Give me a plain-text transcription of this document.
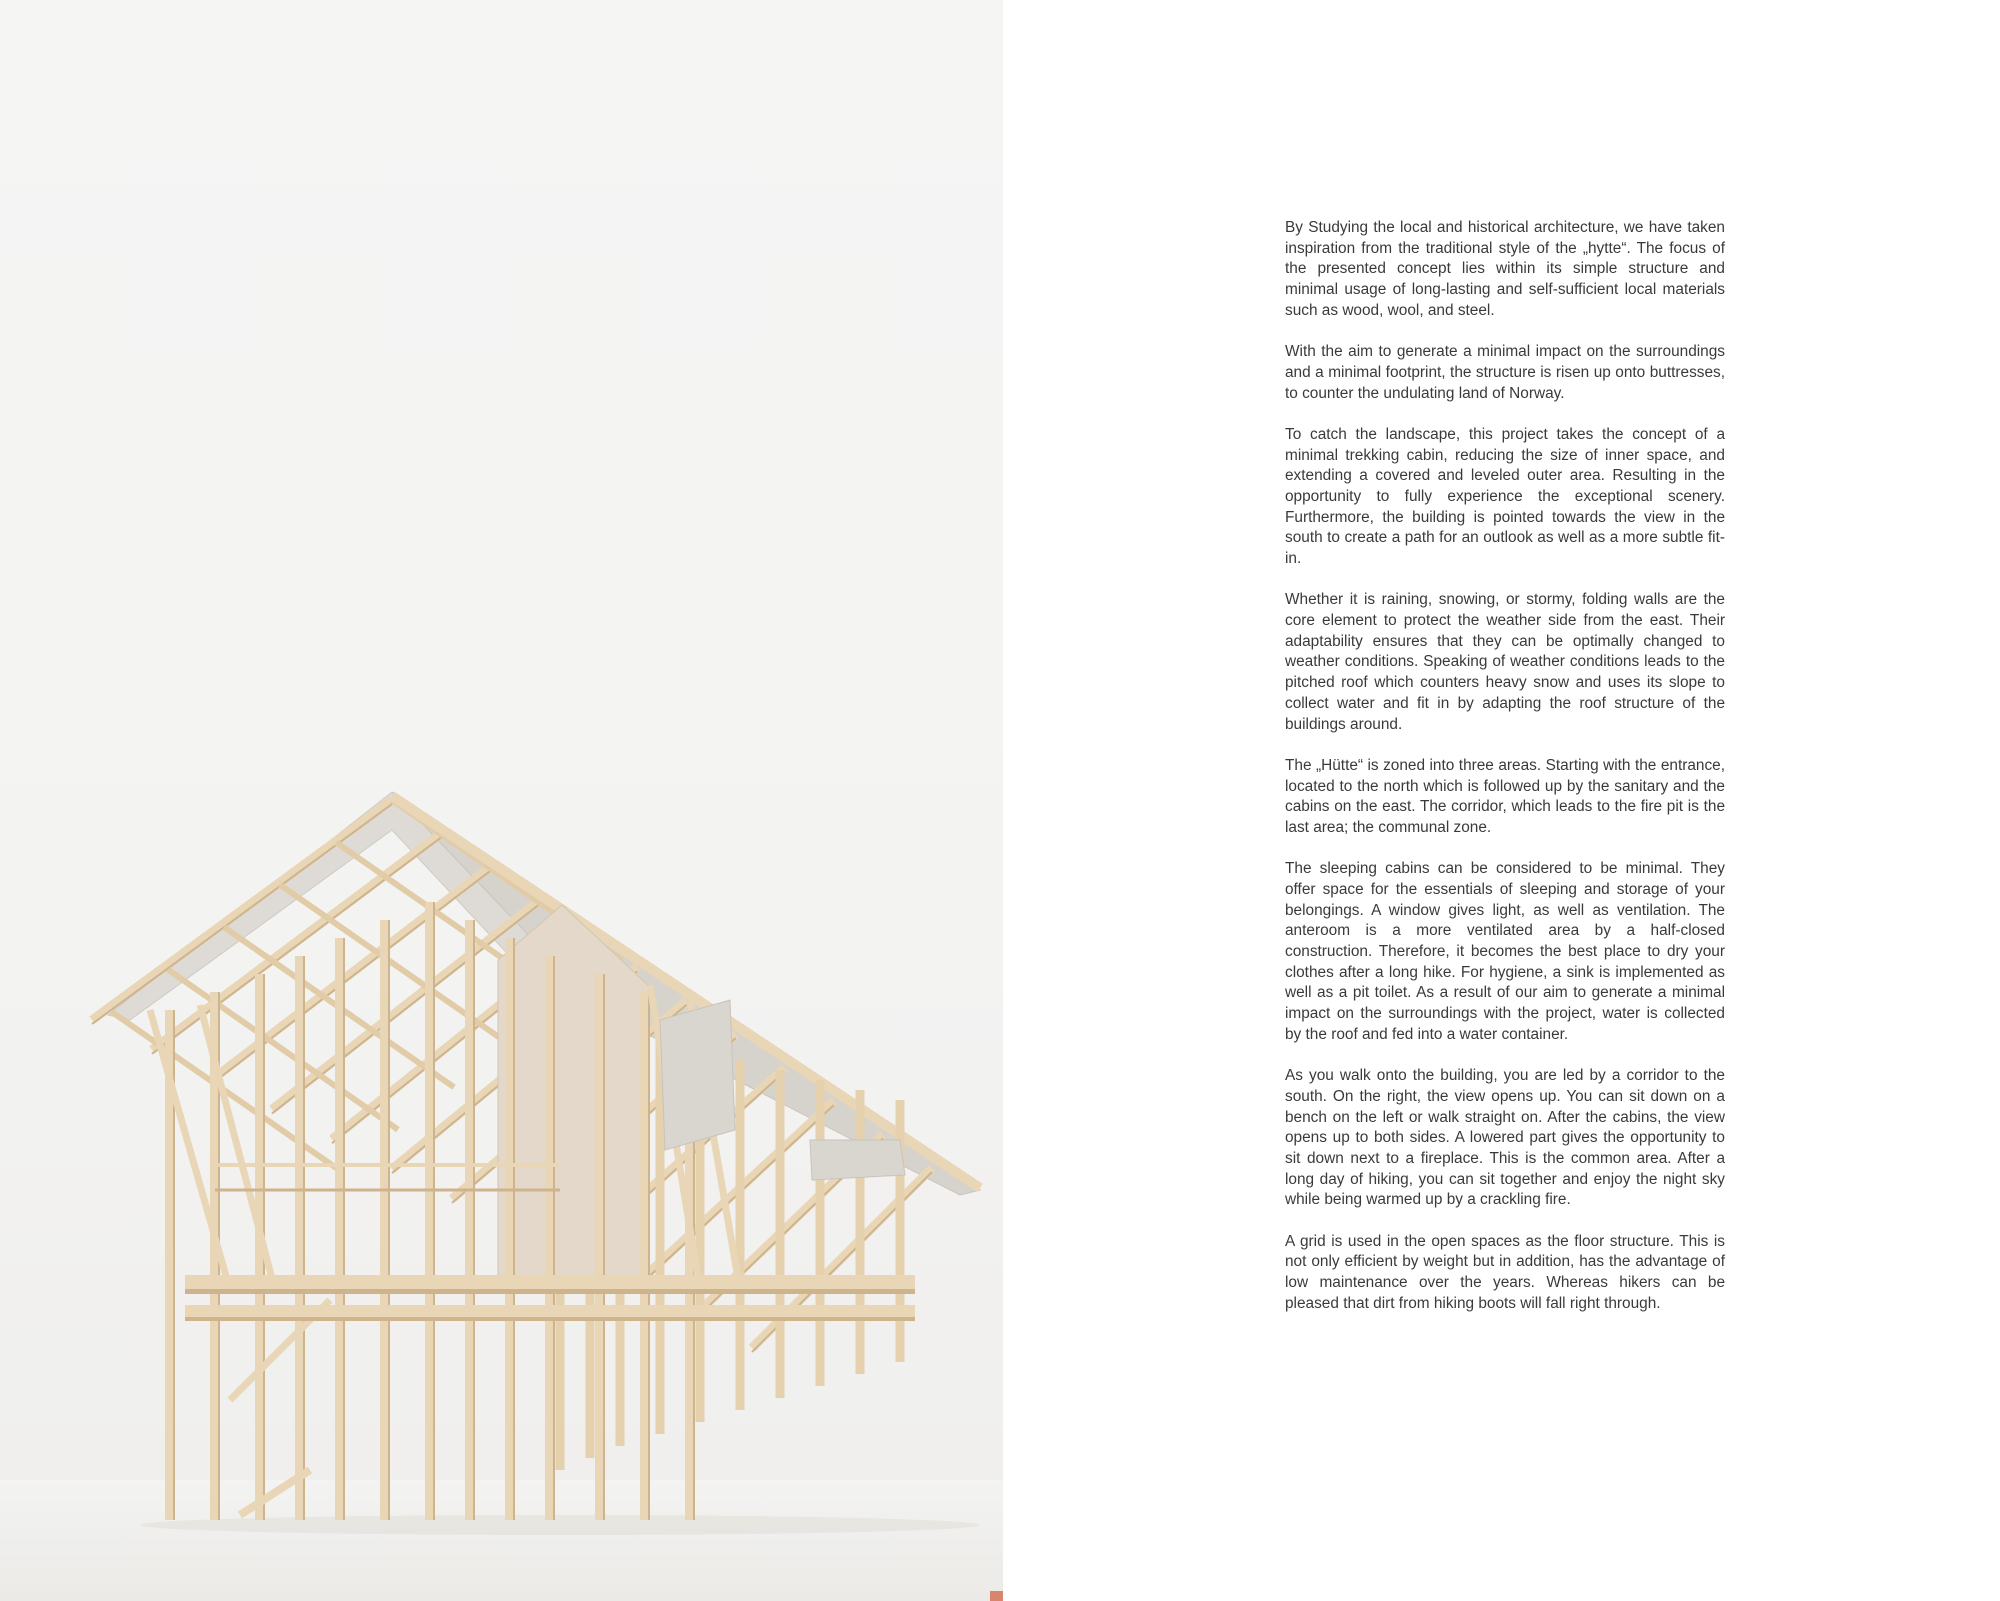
By Studying the local and historical architecture, we have taken inspiration from the traditional style of the „hytte“. The focus of the presented concept lies within its simple structure and minimal usage of long-lasting and self-sufficient local materials such as wood, wool, and steel.

With the aim to generate a minimal impact on the surroundings and a minimal footprint, the structure is risen up onto buttresses, to counter the undulating land of Norway.

To catch the landscape, this project takes the concept of a minimal trekking cabin, reducing the size of inner space, and extending a covered and leveled outer area. Resulting in the opportunity to fully experience the exceptional scenery. Furthermore, the building is pointed towards the view in the south to create a path for an outlook as well as a more subtle fit-in.

Whether it is raining, snowing, or stormy, folding walls are the core element to protect the weather side from the east. Their adaptability ensures that they can be optimally changed to weather conditions. Speaking of weather conditions leads to the pitched roof which counters heavy snow and uses its slope to collect water and fit in by adapting the roof structure of the buildings around.

The „Hütte“ is zoned into three areas. Starting with the entrance, located to the north which is followed up by the sanitary and the cabins on the east. The corridor, which leads to the fire pit is the last area; the communal zone.

The sleeping cabins can be considered to be minimal. They offer space for the essentials of sleeping and storage of your belongings. A window gives light, as well as ventilation. The anteroom is a more ventilated area by a half-closed construction. Therefore, it becomes the best place to dry your clothes after a long hike. For hygiene, a sink is implemented as well as a pit toilet. As a result of our aim to generate a minimal impact on the surroundings with the project, water is collected by the roof and fed into a water container.

As you walk onto the building, you are led by a corridor to the south. On the right, the view opens up. You can sit down on a bench on the left or walk straight on. After the cabins, the view opens up to both sides. A lowered part gives the opportunity to sit down next to a fireplace. This is the common area. After a long day of hiking, you can sit together and enjoy the night sky while being warmed up by a crackling fire.

A grid is used in the open spaces as the floor structure. This is not only efficient by weight but in addition, has the advantage of low maintenance over the years. Whereas hikers can be pleased that dirt from hiking boots will fall right through.
